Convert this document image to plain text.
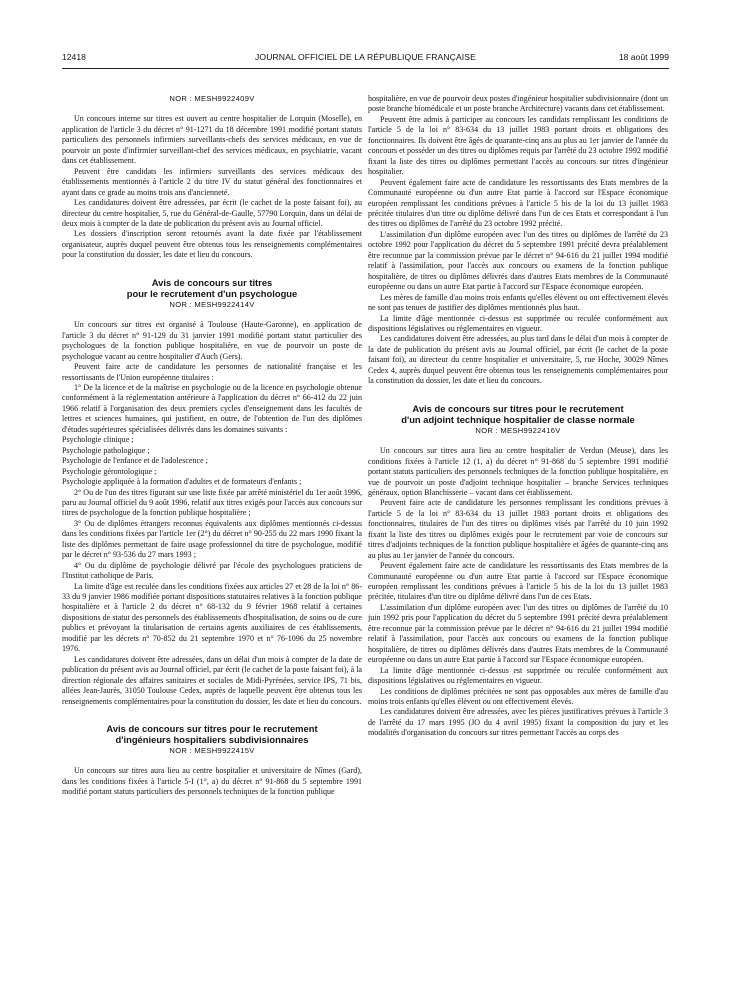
12418	JOURNAL OFFICIEL DE LA RÉPUBLIQUE FRANÇAISE	18 août 1999
NOR : MESH9922409V

Un concours interne sur titres est ouvert au centre hospitalier de Lorquin (Moselle), en application de l'article 3 du décret n° 91-1271 du 18 décembre 1991 modifié portant statuts particuliers des personnels infirmiers surveillants-chefs des services médicaux, en vue de pourvoir un poste d'infirmier surveillant-chef des services médicaux, en psychiatrie, vacant dans cet établissement.

Peuvent être candidats les infirmiers surveillants des services médicaux des établissements mentionnés à l'article 2 du titre IV du statut général des fonctionnaires et ayant dans ce grade au moins trois ans d'ancienneté.

Les candidatures doivent être adressées, par écrit (le cachet de la poste faisant foi), au directeur du centre hospitalier, 5, rue du Général-de-Gaulle, 57790 Lorquin, dans un délai de deux mois à compter de la date de publication du présent avis au Journal officiel.

Les dossiers d'inscription seront retournés avant la date fixée par l'établissement organisateur, auprès duquel peuvent être obtenus tous les renseignements complémentaires pour la constitution du dossier, les date et lieu du concours.

Avis de concours sur titres
pour le recrutement d'un psychologue
NOR : MESH9922414V

Un concours sur titres est organisé à Toulouse (Haute-Garonne), en application de l'article 3 du décret n° 91-129 du 31 janvier 1991 modifié portant statut particulier des psychologues de la fonction publique hospitalière, en vue de pourvoir un poste de psychologue vacant au centre hospitalier d'Auch (Gers).

Peuvent faire acte de candidature les personnes de nationalité française et les ressortissants de l'Union européenne titulaires :

1° De la licence et de la maîtrise en psychologie ou de la licence en psychologie obtenue conformément à la réglementation antérieure à l'application du décret n° 66-412 du 22 juin 1966 relatif à l'organisation des deux premiers cycles d'enseignement dans les facultés de lettres et sciences humaines, qui justifient, en outre, de l'obtention de l'un des diplômes d'études supérieures spécialisées délivrés dans les domaines suivants :

Psychologie clinique ;

Psychologie pathologique ;

Psychologie de l'enfance et de l'adolescence ;

Psychologie gérontologique ;

Psychologie appliquée à la formation d'adultes et de formateurs d'enfants ;

2° Ou de l'un des titres figurant sur une liste fixée par arrêté ministériel du 1er août 1996, paru au Journal officiel du 9 août 1996, relatif aux titres exigés pour l'accès aux concours sur titres de psychologue de la fonction publique hospitalière ;

3° Ou de diplômes étrangers reconnus équivalents aux diplômes mentionnés ci-dessus dans les conditions fixées par l'article 1er (2°) du décret n° 90-255 du 22 mars 1990 fixant la liste des diplômes permettant de faire usage professionnel du titre de psychologue, modifié par le décret n° 93-536 du 27 mars 1993 ;

4° Ou du diplôme de psychologie délivré par l'école des psychologues praticiens de l'Institut catholique de Paris.

La limite d'âge est reculée dans les conditions fixées aux articles 27 et 28 de la loi n° 86-33 du 9 janvier 1986 modifiée portant dispositions statutaires relatives à la fonction publique hospitalière et à l'article 2 du décret n° 68-132 du 9 février 1968 relatif à certaines dispositions de statut des personnels des établissements d'hospitalisation, de soins ou de cure publics et prévoyant la titularisation de certains agents auxiliaires de ces établissements, modifié par les décrets n° 70-852 du 21 septembre 1970 et n° 76-1096 du 25 novembre 1976.

Les candidatures doivent être adressées, dans un délai d'un mois à compter de la date de publication du présent avis au Journal officiel, par écrit (le cachet de la poste faisant foi), à la direction régionale des affaires sanitaires et sociales de Midi-Pyrénées, service IPS, 71 bis, allées Jean-Jaurès, 31050 Toulouse Cedex, auprès de laquelle peuvent être obtenus tous les renseignements complémentaires pour la constitution du dossier, les date et lieu du concours.

Avis de concours sur titres pour le recrutement
d'ingénieurs hospitaliers subdivisionnaires
NOR : MESH9922415V

Un concours sur titres aura lieu au centre hospitalier et universitaire de Nîmes (Gard), dans les conditions fixées à l'article 5-I (1°, a) du décret n° 91-868 du 5 septembre 1991 modifié portant statuts particuliers des personnels techniques de la fonction publique

hospitalière, en vue de pourvoir deux postes d'ingénieur hospitalier subdivisionnaire (dont un poste branche biomédicale et un poste branche Architecture) vacants dans cet établissement.

Peuvent être admis à participer au concours les candidats remplissant les conditions de l'article 5 de la loi n° 83-634 du 13 juillet 1983 portant droits et obligations des fonctionnaires. Ils doivent être âgés de quarante-cinq ans au plus au 1er janvier de l'année du concours et posséder un des titres ou diplômes requis par l'arrêté du 23 octobre 1992 modifié fixant la liste des titres ou diplômes permettant l'accès au concours sur titres d'ingénieur hospitalier.

Peuvent également faire acte de candidature les ressortissants des Etats membres de la Communauté européenne ou d'un autre Etat partie à l'accord sur l'Espace économique européen remplissant les conditions prévues à l'article 5 bis de la loi du 13 juillet 1983 précitée titulaires d'un titre ou diplôme délivré dans l'un de ces Etats et correspondant à l'un des titres ou diplômes de l'arrêté du 23 octobre 1992 précité.

L'assimilation d'un diplôme européen avec l'un des titres ou diplômes de l'arrêté du 23 octobre 1992 pour l'application du décret du 5 septembre 1991 précité devra préalablement être reconnue par la commission prévue par le décret n° 94-616 du 21 juillet 1994 modifié relatif à l'assimilation, pour l'accès aux concours ou examens de la fonction publique hospitalière, de titres ou diplômes délivrés dans d'autres Etats membres de la Communauté européenne ou dans un autre Etat partie à l'accord sur l'Espace économique européen.

Les mères de famille d'au moins trois enfants qu'elles élèvent ou ont effectivement élevés ne sont pas tenues de justifier des diplômes mentionnés plus haut.

La limite d'âge mentionnée ci-dessus est supprimée ou reculée conformément aux dispositions législatives ou réglementaires en vigueur.

Les candidatures doivent être adressées, au plus tard dans le délai d'un mois à compter de la date de publication du présent avis au Journal officiel, par écrit (le cachet de la poste faisant foi), au directeur du centre hospitalier et universitaire, 5, rue Hoche, 30029 Nîmes Cedex 4, auprès duquel peuvent être obtenus tous les renseignements complémentaires pour la constitution du dossier, les date et lieu du concours.

Avis de concours sur titres pour le recrutement
d'un adjoint technique hospitalier de classe normale
NOR : MESH9922416V

Un concours sur titres aura lieu au centre hospitalier de Verdun (Meuse), dans les conditions fixées à l'article 12 (1, a) du décret n° 91-868 du 5 septembre 1991 modifié portant statuts particuliers des personnels techniques de la fonction publique hospitalière, en vue de pourvoir un poste d'adjoint technique hospitalier – branche Services techniques généraux, option Blanchisserie – vacant dans cet établissement.

Peuvent faire acte de candidature les personnes remplissant les conditions prévues à l'article 5 de la loi n° 83-634 du 13 juillet 1983 portant droits et obligations des fonctionnaires, titulaires de l'un des titres ou diplômes visés par l'arrêté du 10 juin 1992 fixant la liste des titres ou diplômes exigés pour le recrutement par voie de concours sur titres d'adjoints techniques de la fonction publique hospitalière et âgées de quarante-cinq ans au plus au 1er janvier de l'année du concours.

Peuvent également faire acte de candidature les ressortissants des Etats membres de la Communauté européenne ou d'un autre Etat partie à l'accord sur l'Espace économique européen remplissant les conditions prévues à l'article 5 bis de la loi du 13 juillet 1983 précitée, titulaires d'un titre ou diplôme délivré dans l'un de ces Etats.

L'assimilation d'un diplôme européen avec l'un des titres ou diplômes de l'arrêté du 10 juin 1992 pris pour l'application du décret du 5 septembre 1991 précité devra préalablement être reconnue par la commission prévue par le décret n° 94-616 du 21 juillet 1994 modifié relatif à l'assimilation, pour l'accès aux concours ou examens de la fonction publique hospitalière, de titres ou diplômes délivrés dans d'autres Etats membres de la Communauté européenne ou dans un autre Etat partie à l'accord sur l'Espace économique européen.

La limite d'âge mentionnée ci-dessus est supprimée ou reculée conformément aux dispositions législatives ou réglementaires en vigueur.

Les conditions de diplômes précitées ne sont pas opposables aux mères de famille d'au moins trois enfants qu'elles élèvent ou ont effectivement élevés.

Les candidatures doivent être adressées, avec les pièces justificatives prévues à l'article 3 de l'arrêté du 17 mars 1995 (JO du 4 avril 1995) fixant la composition du jury et les modalités d'organisation du concours sur titres permettant l'accès au corps des
